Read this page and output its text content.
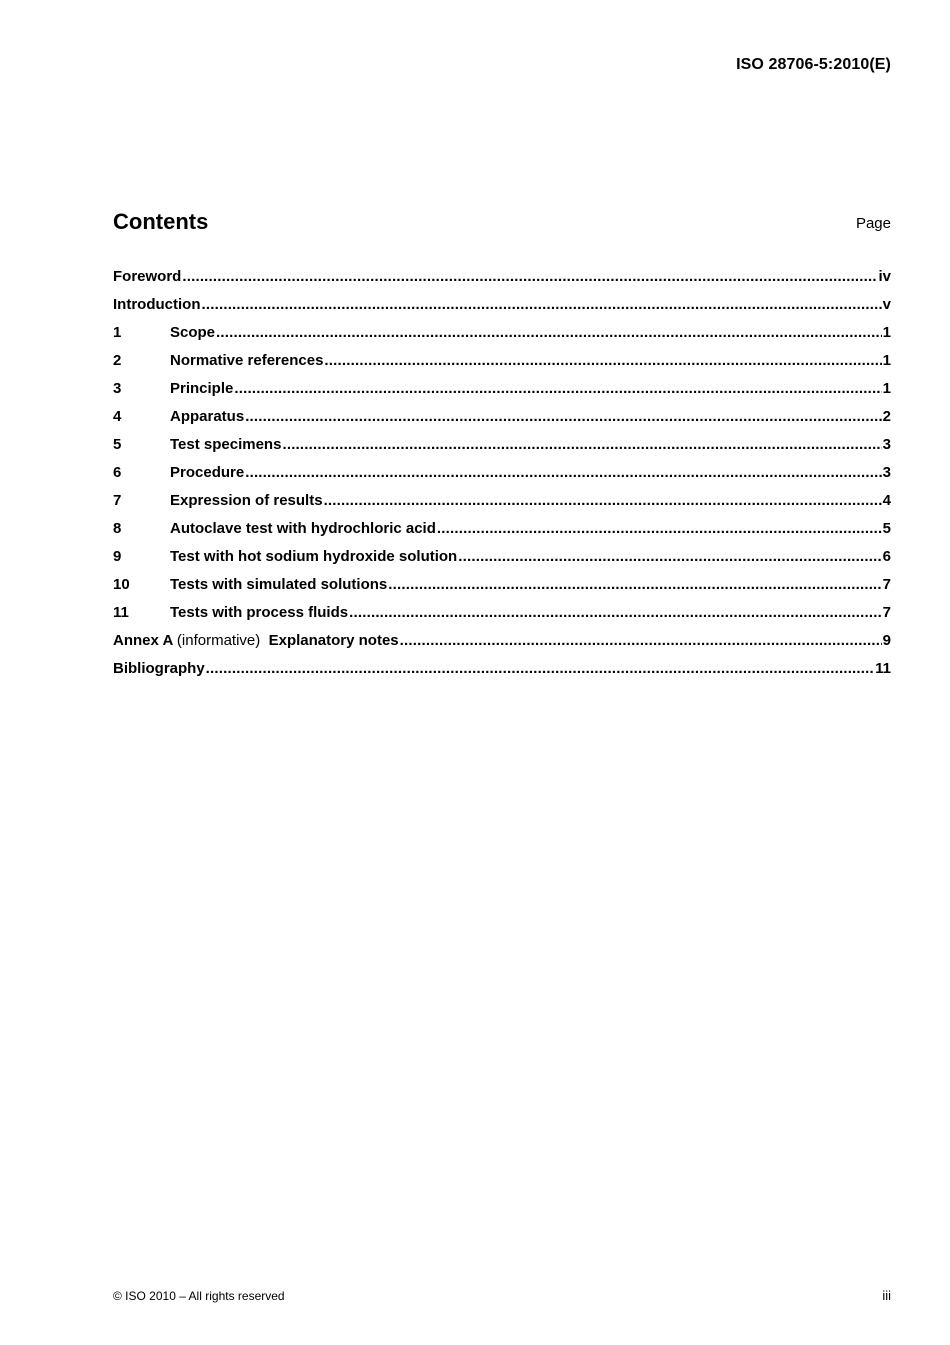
ISO 28706-5:2010(E)
Contents	Page
Foreword .....	iv
Introduction .....	v
1	Scope .....	1
2	Normative references .....	1
3	Principle .....	1
4	Apparatus .....	2
5	Test specimens .....	3
6	Procedure .....	3
7	Expression of results .....	4
8	Autoclave test with hydrochloric acid .....	5
9	Test with hot sodium hydroxide solution .....	6
10	Tests with simulated solutions .....	7
11	Tests with process fluids .....	7
Annex A (informative) Explanatory notes .....	9
Bibliography .....	11
© ISO 2010 – All rights reserved	iii
